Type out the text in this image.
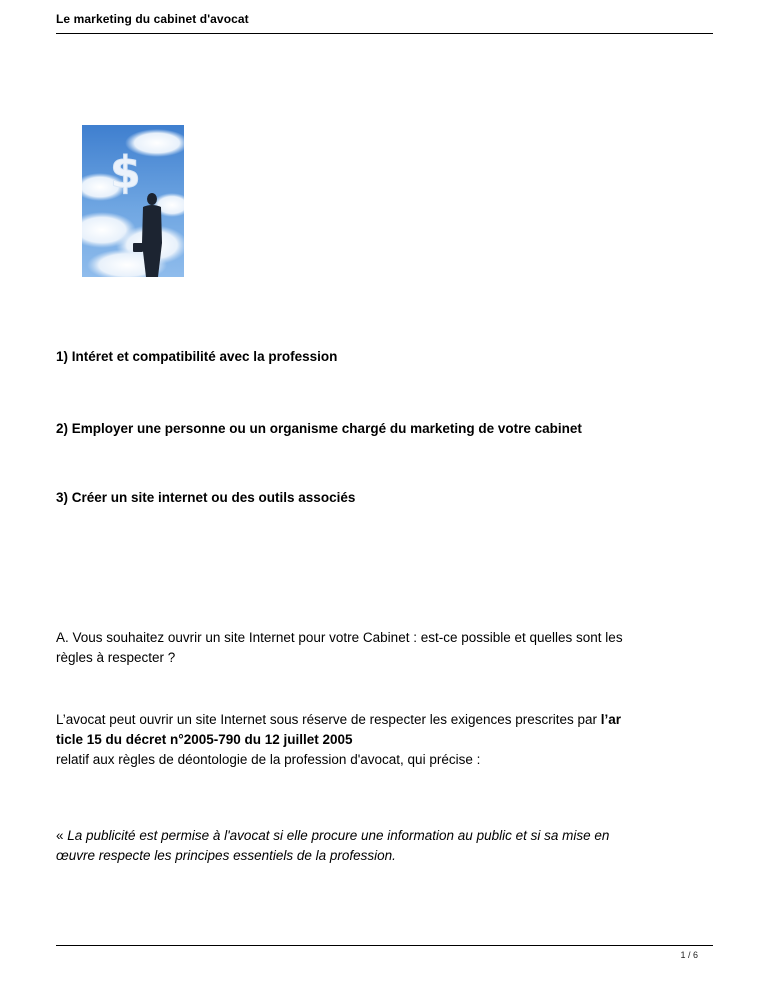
Le marketing du cabinet d'avocat
$
1) Intéret et compatibilité avec la profession
2) Employer une personne ou un organisme chargé du marketing de votre cabinet
3) Créer un site internet ou des outils associés
A. Vous souhaitez ouvrir un site Internet pour votre Cabinet : est-ce possible et quelles sont les
règles à respecter ?
L’avocat peut ouvrir un site Internet sous réserve de respecter les exigences prescrites par l’ar
ticle 15 du décret n°2005-790 du 12 juillet 2005
relatif aux règles de déontologie de la profession d'avocat, qui précise :
« La publicité est permise à l'avocat si elle procure une information au public et si sa mise en
œuvre respecte les principes essentiels de la profession.
1 / 6
